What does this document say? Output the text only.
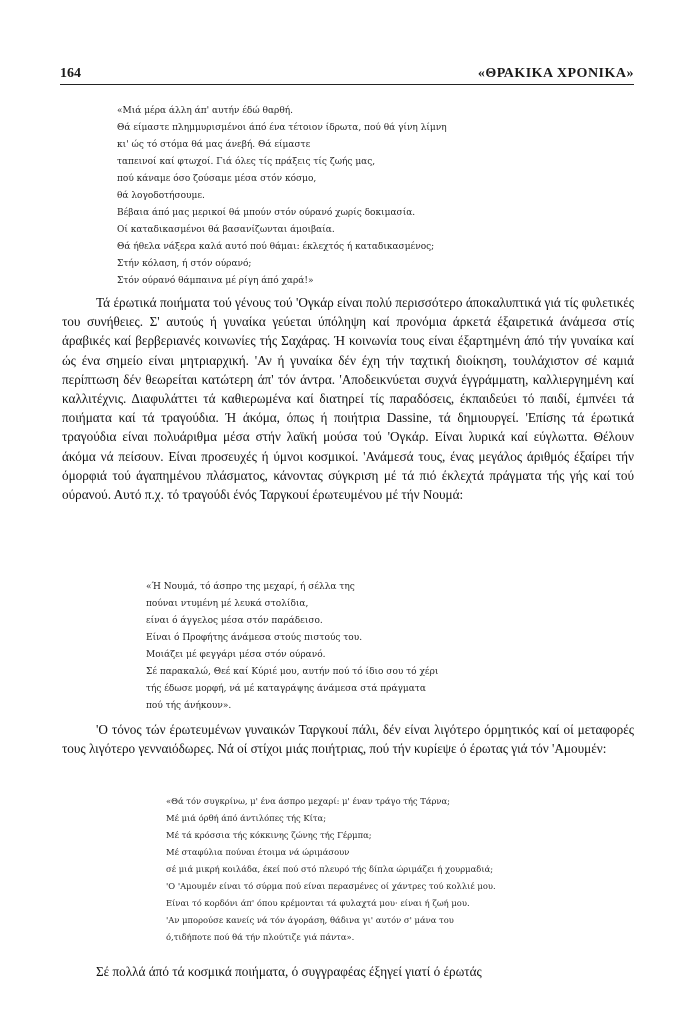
164	«ΘΡΑΚΙΚΑ ΧΡΟΝΙΚΑ»
«Μιά μέρα άλλη άπ' αυτήν έδώ θαρθή.
Θά είμαστε πλημμυρισμένοι άπό ένα τέτοιον ίδρωτα, πού θά γίνη λίμνη
κι' ώς τό στόμα θά μας άνεβή. Θά είμαστε
ταπεινοί καί φτωχοί. Γιά όλες τίς πράξεις τίς ζωής μας,
πού κάναμε όσο ζούσαμε μέσα στόν κόσμο,
θά λογοδοτήσουμε.
Βέβαια άπό μας μερικοί θά μπούν στόν ούρανό χωρίς δοκιμασία.
Οί καταδικασμένοι θά βασανίζωνται άμοιβαία.
Θά ήθελα νάξερα καλά αυτό πού θάμαι: έκλεχτός ή καταδικασμένος;
Στήν κόλαση, ή στόν ούρανό;
Στόν ούρανό θάμπαινα μέ ρίγη άπό χαρά!»

Τά έρωτικά ποιήματα τού γένους τού 'Ογκάρ είναι πολύ περισσότερο άποκαλυπτικά γιά τίς φυλετικές του συνήθειες. Σ' αυτούς ή γυναίκα γεύεται ύπόληψη καί προνόμια άρκετά έξαιρετικά άνάμεσα στίς άραβικές καί βερβεριανές κοινωνίες τής Σαχάρας. Ή κοινωνία τους είναι έξαρτημένη άπό τήν γυναίκα καί ώς ένα σημείο είναι μητριαρχική. 'Αν ή γυναίκα δέν έχη τήν ταχτική διοίκηση, τουλάχιστον σέ καμιά περίπτωση δέν θεωρείται κατώτερη άπ' τόν άντρα. 'Αποδεικνύεται συχνά έγγράμματη, καλλιεργημένη καί καλλιτέχνις. Διαφυλάττει τά καθιερωμένα καί διατηρεί τίς παραδόσεις, έκπαιδεύει τό παιδί, έμπνέει τά ποιήματα καί τά τραγούδια. Ή άκόμα, όπως ή ποιήτρια Dassine, τά δημιουργεί. 'Επίσης τά έρωτικά τραγούδια είναι πολυάριθμα μέσα στήν λαϊκή μούσα τού 'Ογκάρ. Είναι λυρικά καί εύγλωττα. Θέλουν άκόμα νά πείσουν. Είναι προσευχές ή ύμνοι κοσμικοί. 'Ανάμεσά τους, ένας μεγάλος άριθμός έξαίρει τήν όμορφιά τού άγαπημένου πλάσματος, κάνοντας σύγκριση μέ τά πιό έκλεχτά πράγματα τής γής καί τού ούρανού. Αυτό π.χ. τό τραγούδι ένός Ταργκουί έρωτευμένου μέ τήν Νουμά:

«Ή Νουμά, τό άσπρο της μεχαρί, ή σέλλα της
πούναι ντυμένη μέ λευκά στολίδια,
είναι ό άγγελος μέσα στόν παράδεισο.
Είναι ό Προφήτης άνάμεσα στούς πιστούς του.
Μοιάζει μέ φεγγάρι μέσα στόν ούρανό.
Σέ παρακαλώ, Θεέ καί Κύριέ μου, αυτήν πού τό ίδιο σου τό χέρι
τής έδωσε μορφή, νά μέ καταγράψης άνάμεσα στά πράγματα
πού τής άνήκουν».

'Ο τόνος τών έρωτευμένων γυναικών Ταργκουί πάλι, δέν είναι λιγότερο όρμητικός καί οί μεταφορές τους λιγότερο γενναιόδωρες. Νά οί στίχοι μιάς ποιήτριας, πού τήν κυρίεψε ό έρωτας γιά τόν 'Αμουμέν:

«Θά τόν συγκρίνω, μ' ένα άσπρο μεχαρί: μ' έναν τράγο τής Τάρνα;
Μέ μιά όρθή άπό άντιλόπες τής Κίτα;
Μέ τά κρόσσια τής κόκκινης ζώνης τής Γέρμπα;
Μέ σταφύλια πούναι έτοιμα νά ώριμάσουν
σέ μιά μικρή κοιλάδα, έκεί πού στό πλευρό τής δίπλα ώριμάζει ή χουρμαδιά;
'Ο 'Αμουμέν είναι τό σύρμα πού είναι περασμένες οί χάντρες τού κολλιέ μου.
Είναι τό κορδόνι άπ' όπου κρέμονται τά φυλαχτά μου· είναι ή ζωή μου.
'Αν μπορούσε κανείς νά τόν άγοράση, θάδινα γι' αυτόν σ' μάνα του
ό,τιδήποτε πού θά τήν πλούτιζε γιά πάντα».

Σέ πολλά άπό τά κοσμικά ποιήματα, ό συγγραφέας έξηγεί γιατί ό έρωτάς
